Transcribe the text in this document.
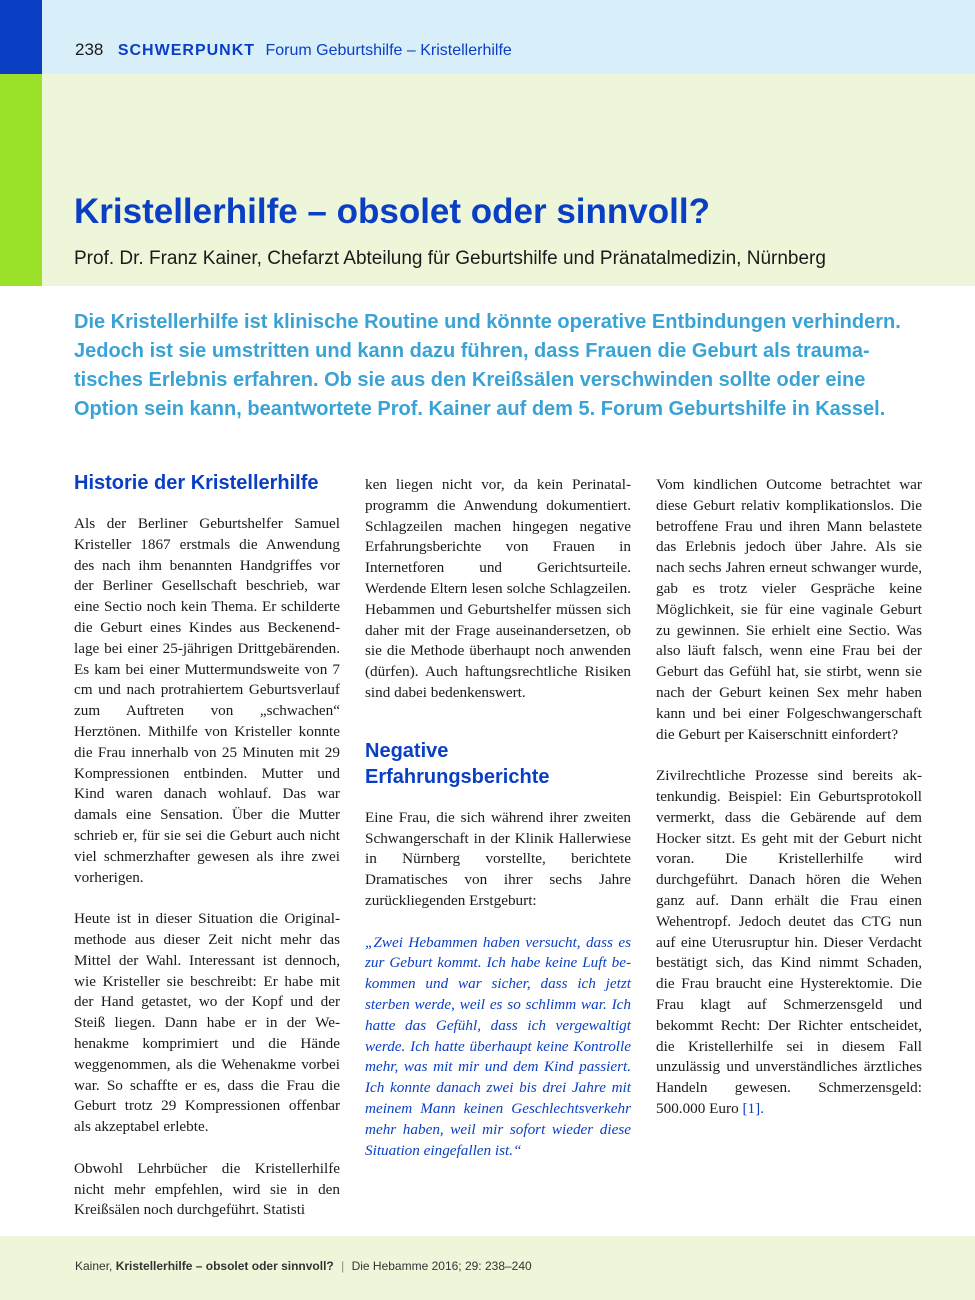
238 SCHWERPUNKT Forum Geburtshilfe – Kristellerhilfe
Kristellerhilfe – obsolet oder sinnvoll?
Prof. Dr. Franz Kainer, Chefarzt Abteilung für Geburtshilfe und Pränatalmedizin, Nürnberg
Die Kristellerhilfe ist klinische Routine und könnte operative Entbindungen verhindern.
Jedoch ist sie umstritten und kann dazu führen, dass Frauen die Geburt als trauma-
tisches Erlebnis erfahren. Ob sie aus den Kreißsälen verschwinden sollte oder eine
Option sein kann, beantwortete Prof. Kainer auf dem 5. Forum Geburtshilfe in Kassel.
Historie der Kristellerhilfe

Als der Berliner Geburtshelfer Samuel Kristeller 1867 erstmals die Anwendung des nach ihm benannten Handgriffes vor der Berliner Gesellschaft beschrieb, war eine Sectio noch kein Thema. Er schilderte die Geburt eines Kindes aus Beckenendlage bei einer 25-jährigen Drittgebärenden. Es kam bei einer Muttermundsweite von 7 cm und nach protrahiertem Geburtsverlauf zum Auftreten von „schwachen“ Herztönen. Mithilfe von Kristeller konnte die Frau innerhalb von 25 Minuten mit 29 Kompressionen entbinden. Mutter und Kind waren danach wohlauf. Das war damals eine Sensation. Über die Mutter schrieb er, für sie sei die Geburt auch nicht viel schmerzhafter gewesen als ihre zwei vorherigen.

Heute ist in dieser Situation die Originalmethode aus dieser Zeit nicht mehr das Mittel der Wahl. Interessant ist dennoch, wie Kristeller sie beschreibt: Er habe mit der Hand getastet, wo der Kopf und der Steiß liegen. Dann habe er in der Wehenakme komprimiert und die Hände weggenommen, als die Wehenakme vorbei war. So schaffte er es, dass die Frau die Geburt trotz 29 Kompressionen offenbar als akzeptabel erlebte.

Obwohl Lehrbücher die Kristellerhilfe nicht mehr empfehlen, wird sie in den Kreißsälen noch durchgeführt. Statisti

ken liegen nicht vor, da kein Perinatalprogramm die Anwendung dokumentiert. Schlagzeilen machen hingegen negative Erfahrungsberichte von Frauen in Internetforen und Gerichtsurteile. Werdende Eltern lesen solche Schlagzeilen. Hebammen und Geburtshelfer müssen sich daher mit der Frage auseinandersetzen, ob sie die Methode überhaupt noch anwenden (dürfen). Auch haftungsrechtliche Risiken sind dabei bedenkenswert.

Negative
Erfahrungsberichte

Eine Frau, die sich während ihrer zweiten Schwangerschaft in der Klinik Hallerwiese in Nürnberg vorstellte, berichtete Dramatisches von ihrer sechs Jahre zurückliegenden Erstgeburt:

„Zwei Hebammen haben versucht, dass es zur Geburt kommt. Ich habe keine Luft bekommen und war sicher, dass ich jetzt sterben werde, weil es so schlimm war. Ich hatte das Gefühl, dass ich vergewaltigt werde. Ich hatte überhaupt keine Kontrolle mehr, was mit mir und dem Kind passiert. Ich konnte danach zwei bis drei Jahre mit meinem Mann keinen Geschlechtsverkehr mehr haben, weil mir sofort wieder diese Situation eingefallen ist.“

Vom kindlichen Outcome betrachtet war diese Geburt relativ komplikationslos. Die betroffene Frau und ihren Mann belastete das Erlebnis jedoch über Jahre. Als sie nach sechs Jahren erneut schwanger wurde, gab es trotz vieler Gespräche keine Möglichkeit, sie für eine vaginale Geburt zu gewinnen. Sie erhielt eine Sectio. Was also läuft falsch, wenn eine Frau bei der Geburt das Gefühl hat, sie stirbt, wenn sie nach der Geburt keinen Sex mehr haben kann und bei einer Folgeschwangerschaft die Geburt per Kaiserschnitt einfordert?

Zivilrechtliche Prozesse sind bereits aktenkundig. Beispiel: Ein Geburtsprotokoll vermerkt, dass die Gebärende auf dem Hocker sitzt. Es geht mit der Geburt nicht voran. Die Kristellerhilfe wird durchgeführt. Danach hören die Wehen ganz auf. Dann erhält die Frau einen Wehentropf. Jedoch deutet das CTG nun auf eine Uterusruptur hin. Dieser Verdacht bestätigt sich, das Kind nimmt Schaden, die Frau braucht eine Hysterektomie. Die Frau klagt auf Schmerzensgeld und bekommt Recht: Der Richter entscheidet, die Kristellerhilfe sei in diesem Fall unzulässig und unverständliches ärztliches Handeln gewesen. Schmerzensgeld: 500.000 Euro [1].

Kainer, Kristellerhilfe – obsolet oder sinnvoll? | Die Hebamme 2016; 29: 238–240
